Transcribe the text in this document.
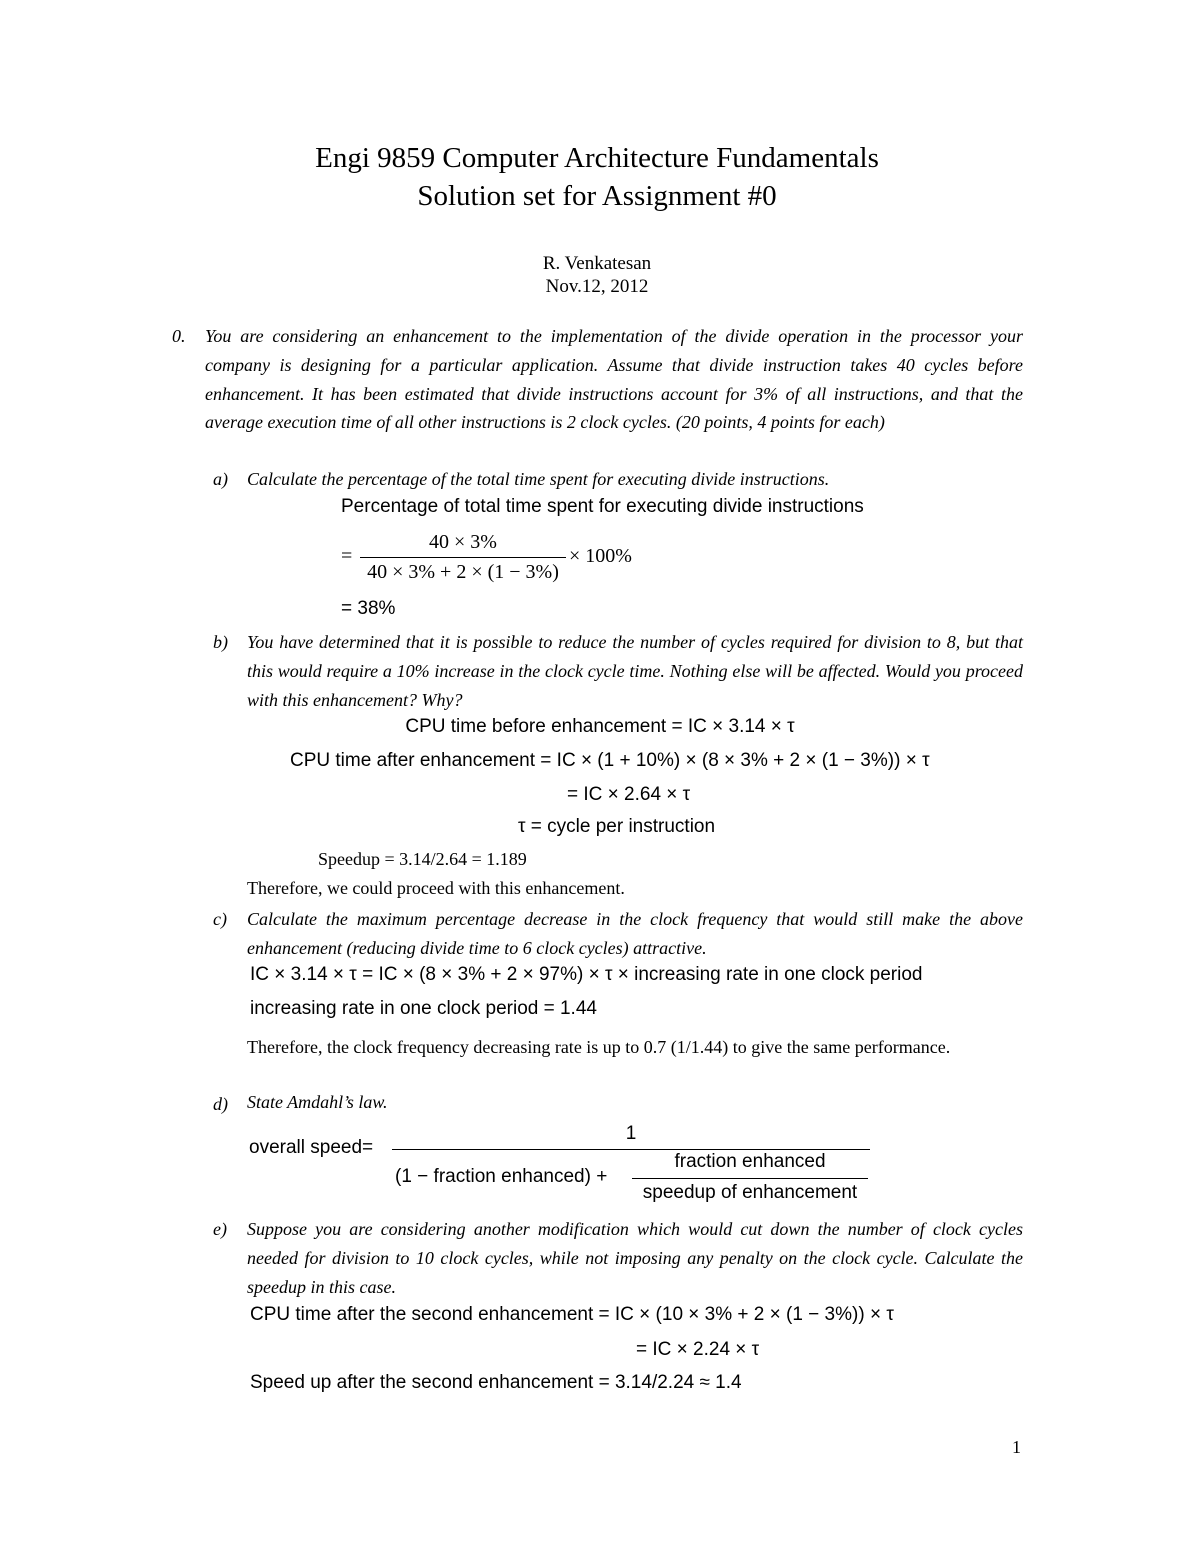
Engi 9859 Computer Architecture Fundamentals
Solution set for Assignment #0
R. Venkatesan
Nov.12, 2012
0. You are considering an enhancement to the implementation of the divide operation in the processor your company is designing for a particular application. Assume that divide instruction takes 40 cycles before enhancement. It has been estimated that divide instructions account for 3% of all instructions, and that the average execution time of all other instructions is 2 clock cycles. (20 points, 4 points for each)
a) Calculate the percentage of the total time spent for executing divide instructions.
Percentage of total time spent for executing divide instructions
=
40 × 3%
40 × 3% + 2 × (1 − 3%)
× 100%
= 38%
b) You have determined that it is possible to reduce the number of cycles required for division to 8, but that this would require a 10% increase in the clock cycle time. Nothing else will be affected. Would you proceed with this enhancement? Why?
CPU time before enhancement = IC × 3.14 × τ
CPU time after enhancement = IC × (1 + 10%) × (8 × 3% + 2 × (1 − 3%)) × τ
= IC × 2.64 × τ
τ = cycle per instruction
Speedup = 3.14/2.64 = 1.189
Therefore, we could proceed with this enhancement.
c) Calculate the maximum percentage decrease in the clock frequency that would still make the above enhancement (reducing divide time to 6 clock cycles) attractive.
IC × 3.14 × τ = IC × (8 × 3% + 2 × 97%) × τ × increasing rate in one clock period
increasing rate in one clock period = 1.44
Therefore, the clock frequency decreasing rate is up to 0.7 (1/1.44) to give the same performance.
d) State Amdahl’s law.
overall speed=
1
(1 − fraction enhanced) +
fraction enhanced
speedup of enhancement
e) Suppose you are considering another modification which would cut down the number of clock cycles needed for division to 10 clock cycles, while not imposing any penalty on the clock cycle. Calculate the speedup in this case.
CPU time after the second enhancement = IC × (10 × 3% + 2 × (1 − 3%)) × τ
= IC × 2.24 × τ
Speed up after the second enhancement = 3.14/2.24 ≈ 1.4
1
